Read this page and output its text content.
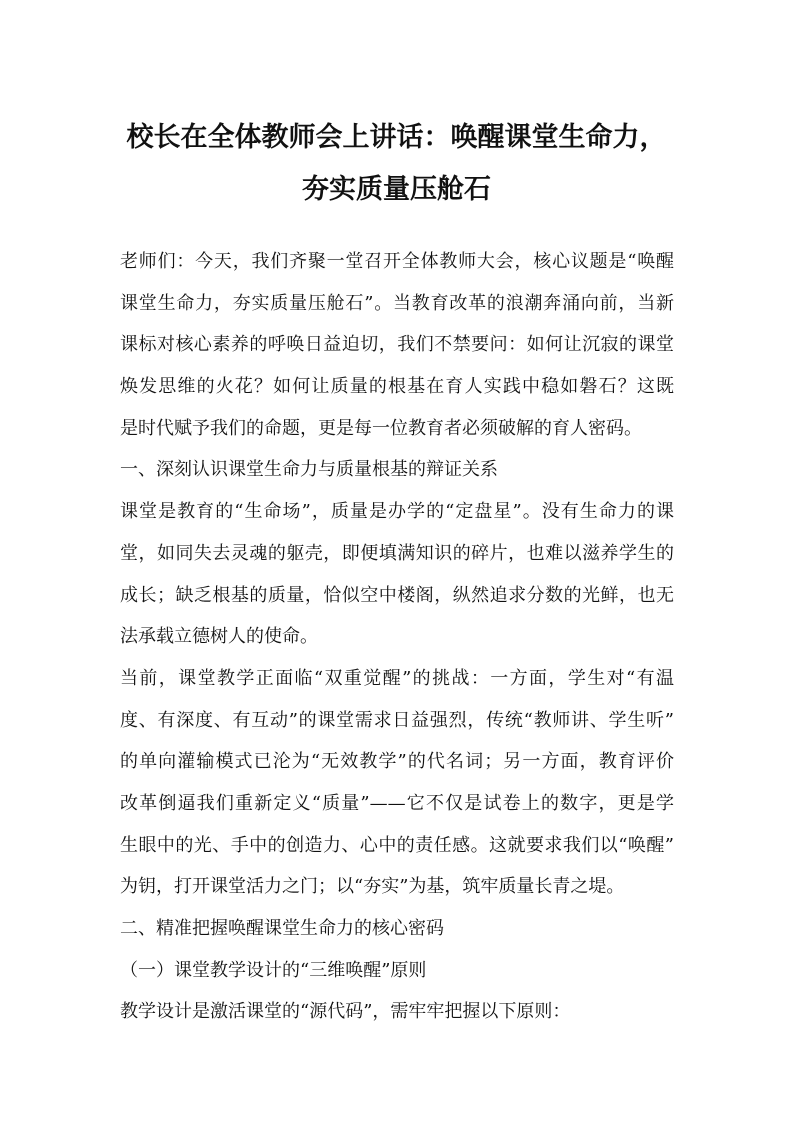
校长在全体教师会上讲话：唤醒课堂生命力，
夯实质量压舱石
老师们：今天，我们齐聚一堂召开全体教师大会，核心议题是“唤醒
课堂生命力，夯实质量压舱石”。当教育改革的浪潮奔涌向前，当新
课标对核心素养的呼唤日益迫切，我们不禁要问：如何让沉寂的课堂
焕发思维的火花？如何让质量的根基在育人实践中稳如磐石？这既
是时代赋予我们的命题，更是每一位教育者必须破解的育人密码。
一、深刻认识课堂生命力与质量根基的辩证关系
课堂是教育的“生命场”，质量是办学的“定盘星”。没有生命力的课
堂，如同失去灵魂的躯壳，即便填满知识的碎片，也难以滋养学生的
成长；缺乏根基的质量，恰似空中楼阁，纵然追求分数的光鲜，也无
法承载立德树人的使命。
当前，课堂教学正面临“双重觉醒”的挑战：一方面，学生对“有温
度、有深度、有互动”的课堂需求日益强烈，传统“教师讲、学生听”
的单向灌输模式已沦为“无效教学”的代名词；另一方面，教育评价
改革倒逼我们重新定义“质量”——它不仅是试卷上的数字，更是学
生眼中的光、手中的创造力、心中的责任感。这就要求我们以“唤醒”
为钥，打开课堂活力之门；以“夯实”为基，筑牢质量长青之堤。
二、精准把握唤醒课堂生命力的核心密码
（一）课堂教学设计的“三维唤醒”原则
教学设计是激活课堂的“源代码”，需牢牢把握以下原则：
